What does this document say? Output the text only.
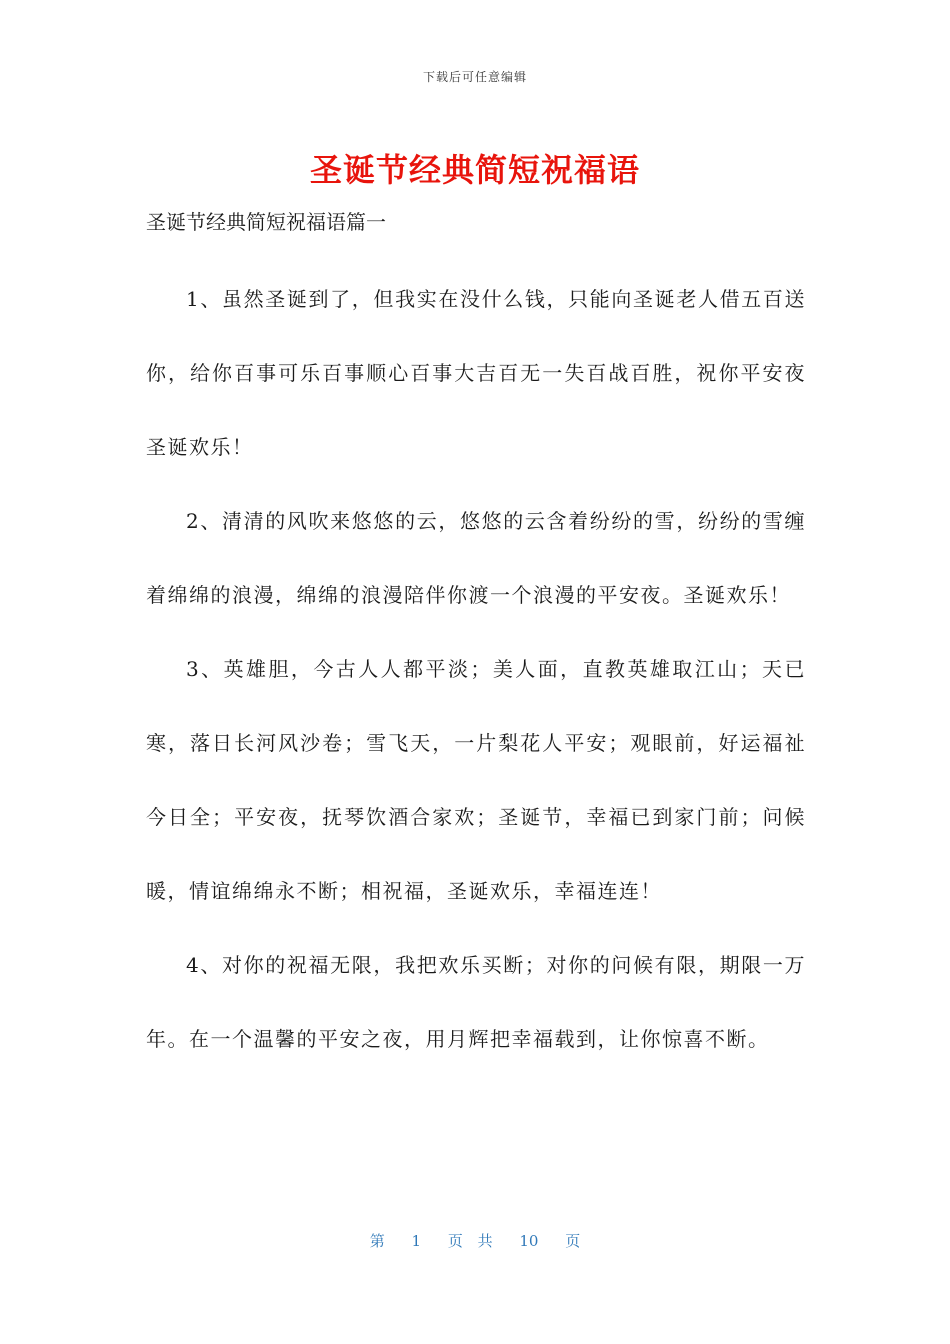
下载后可任意编辑
圣诞节经典简短祝福语
圣诞节经典简短祝福语篇一

1、虽然圣诞到了，但我实在没什么钱，只能向圣诞老人借五百送你，给你百事可乐百事顺心百事大吉百无一失百战百胜，祝你平安夜圣诞欢乐！

2、清清的风吹来悠悠的云，悠悠的云含着纷纷的雪，纷纷的雪缠着绵绵的浪漫，绵绵的浪漫陪伴你渡一个浪漫的平安夜。圣诞欢乐！

3、英雄胆，今古人人都平淡；美人面，直教英雄取江山；天已寒，落日长河风沙卷；雪飞天，一片梨花人平安；观眼前，好运福祉今日全；平安夜，抚琴饮酒合家欢；圣诞节，幸福已到家门前；问候暖，情谊绵绵永不断；相祝福，圣诞欢乐，幸福连连！

4、对你的祝福无限，我把欢乐买断；对你的问候有限，期限一万年。在一个温馨的平安之夜，用月辉把幸福载到，让你惊喜不断。

第 1 页 共 10 页
